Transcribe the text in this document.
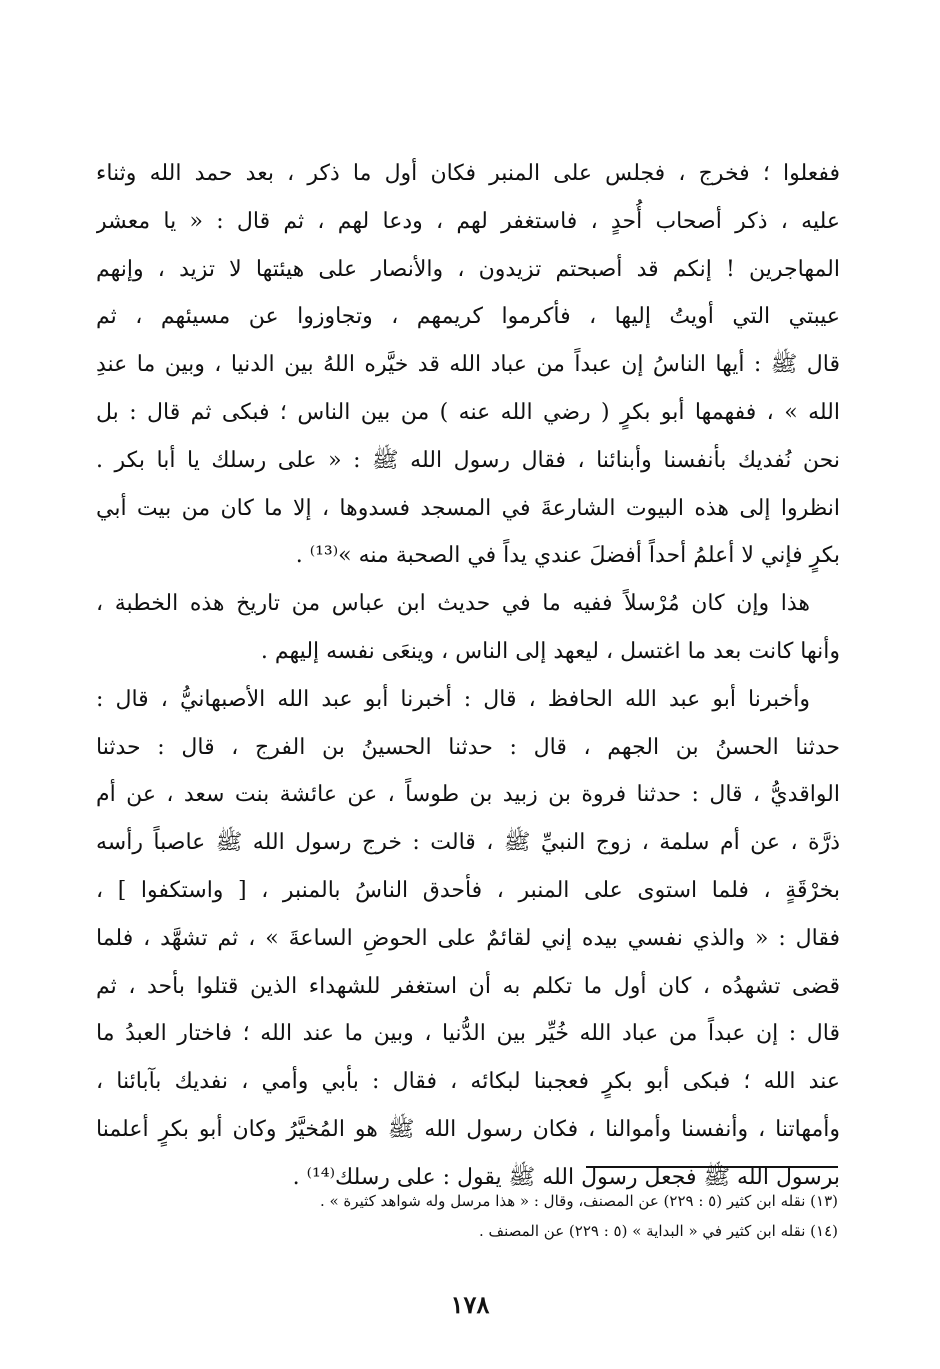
ففعلوا ؛ فخرج ، فجلس على المنبر فكان أول ما ذكر ، بعد حمد الله وثناء
عليه ، ذكر أصحاب أُحدٍ ، فاستغفر لهم ، ودعا لهم ، ثم قال : « يا معشر
المهاجرين ! إنكم قد أصبحتم تزيدون ، والأنصار على هيئتها لا تزيد ، وإنهم
عيبتي التي أويتُ إليها ، فأكرموا كريمهم ، وتجاوزوا عن مسيئهم ، ثم
قال ﷺ : أيها الناسُ إن عبداً من عباد الله قد خيَّره اللهُ بين الدنيا ، وبين ما عندِ
الله » ، ففهمها أبو بكرٍ ( رضي الله عنه ) من بين الناس ؛ فبكى ثم قال : بل
نحن نُفديك بأنفسنا وأبنائنا ، فقال رسول الله ﷺ : « على رسلك يا أبا بكر .
انظروا إلى هذه البيوت الشارعةَ في المسجد فسدوها ، إلا ما كان من بيت أبي
بكرٍ فإني لا أعلمُ أحداً أفضلَ عندي يداً في الصحبة منه »⁽¹³⁾ .
هذا وإن كان مُرْسلاً ففيه ما في حديث ابن عباس من تاريخ هذه الخطبة ،
وأنها كانت بعد ما اغتسل ، ليعهد إلى الناس ، وينعَى نفسه إليهم .
وأخبرنا أبو عبد الله الحافظ ، قال : أخبرنا أبو عبد الله الأصبهانيُّ ، قال :
حدثنا الحسنُ بن الجهم ، قال : حدثنا الحسينُ بن الفرج ، قال : حدثنا
الواقديُّ ، قال : حدثنا فروة بن زبيد بن طوساً ، عن عائشة بنت سعد ، عن أم
ذرَّة ، عن أم سلمة ، زوج النبيِّ ﷺ ، قالت : خرج رسول الله ﷺ عاصباً رأسه
بخرْقَةٍ ، فلما استوى على المنبر ، فأحدق الناسُ بالمنبر ، [ واستكفوا ] ،
فقال : « والذي نفسي بيده إني لقائمٌ على الحوضِ الساعةَ » ، ثم تشهَّد ، فلما
قضى تشهدُه ، كان أول ما تكلم به أن استغفر للشهداء الذين قتلوا بأحد ، ثم
قال : إن عبداً من عباد الله خُيِّر بين الدُّنيا ، وبين ما عند الله ؛ فاختار العبدُ ما
عند الله ؛ فبكى أبو بكرٍ فعجبنا لبكائه ، فقال : بأبي وأمي ، نفديك بآبائنا ،
وأمهاتنا ، وأنفسنا وأموالنا ، فكان رسول الله ﷺ هو المُخيَّرُ وكان أبو بكرٍ أعلمنا
برسول الله ﷺ فجعل رسول الله ﷺ يقول : على رسلك⁽¹⁴⁾ .
(١٣) نقله ابن كثير (٥ : ٢٢٩) عن المصنف، وقال : « هذا مرسل وله شواهد كثيرة » .
(١٤) نقله ابن كثير في « البداية » (٥ : ٢٢٩) عن المصنف .
١٧٨
